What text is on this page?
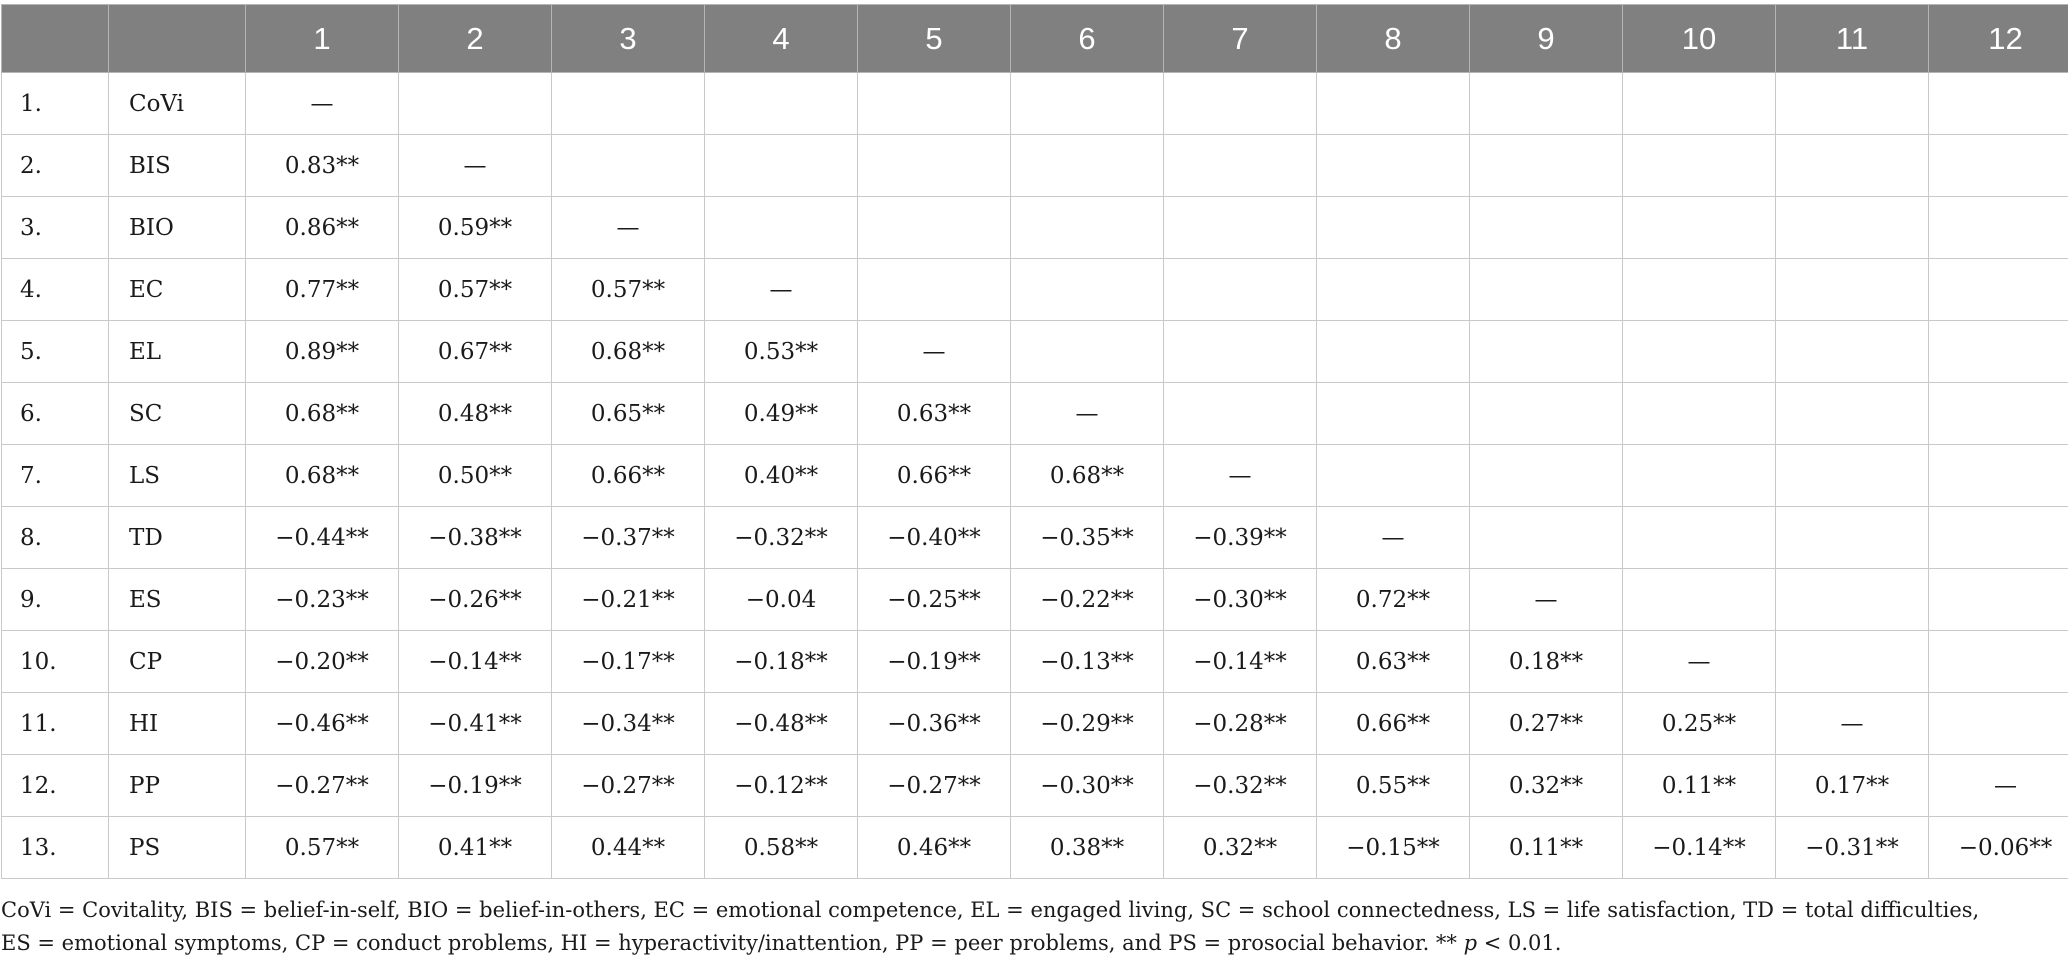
		1	2	3	4	5	6	7	8	9	10	11	12
1.	CoVi	—											
2.	BIS	0.83**	—										
3.	BIO	0.86**	0.59**	—									
4.	EC	0.77**	0.57**	0.57**	—								
5.	EL	0.89**	0.67**	0.68**	0.53**	—							
6.	SC	0.68**	0.48**	0.65**	0.49**	0.63**	—						
7.	LS	0.68**	0.50**	0.66**	0.40**	0.66**	0.68**	—					
8.	TD	−0.44**	−0.38**	−0.37**	−0.32**	−0.40**	−0.35**	−0.39**	—				
9.	ES	−0.23**	−0.26**	−0.21**	−0.04	−0.25**	−0.22**	−0.30**	0.72**	—			
10.	CP	−0.20**	−0.14**	−0.17**	−0.18**	−0.19**	−0.13**	−0.14**	0.63**	0.18**	—		
11.	HI	−0.46**	−0.41**	−0.34**	−0.48**	−0.36**	−0.29**	−0.28**	0.66**	0.27**	0.25**	—	
12.	PP	−0.27**	−0.19**	−0.27**	−0.12**	−0.27**	−0.30**	−0.32**	0.55**	0.32**	0.11**	0.17**	—
13.	PS	0.57**	0.41**	0.44**	0.58**	0.46**	0.38**	0.32**	−0.15**	0.11**	−0.14**	−0.31**	−0.06**

CoVi = Covitality, BIS = belief-in-self, BIO = belief-in-others, EC = emotional competence, EL = engaged living, SC = school connectedness, LS = life satisfaction, TD = total difficulties,

ES = emotional symptoms, CP = conduct problems, HI = hyperactivity/inattention, PP = peer problems, and PS = prosocial behavior. ** p < 0.01.
